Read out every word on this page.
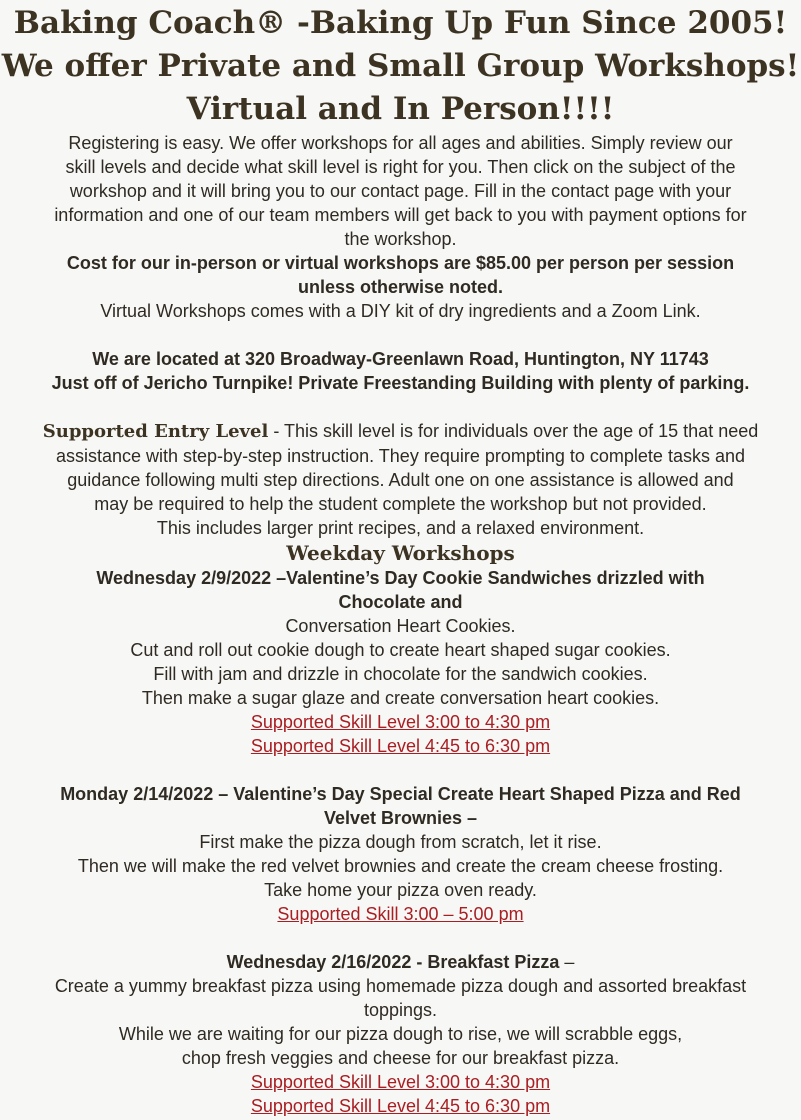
Baking Coach® -Baking Up Fun Since 2005!
We offer Private and Small Group Workshops!
Virtual and In Person!!!!

Registering is easy. We offer workshops for all ages and abilities. Simply review our

skill levels and decide what skill level is right for you. Then click on the subject of the

workshop and it will bring you to our contact page. Fill in the contact page with your

information and one of our team members will get back to you with payment options for

the workshop.

Cost for our in-person or virtual workshops are $85.00 per person per session

unless otherwise noted.

Virtual Workshops comes with a DIY kit of dry ingredients and a Zoom Link.

We are located at 320 Broadway-Greenlawn Road, Huntington, NY 11743

Just off of Jericho Turnpike! Private Freestanding Building with plenty of parking.

Supported Entry Level - This skill level is for individuals over the age of 15 that need

assistance with step-by-step instruction. They require prompting to complete tasks and

guidance following multi step directions. Adult one on one assistance is allowed and

may be required to help the student complete the workshop but not provided.

This includes larger print recipes, and a relaxed environment.

Weekday Workshops

Wednesday 2/9/2022 –Valentine’s Day Cookie Sandwiches drizzled with

Chocolate and

Conversation Heart Cookies.

Cut and roll out cookie dough to create heart shaped sugar cookies.

Fill with jam and drizzle in chocolate for the sandwich cookies.

Then make a sugar glaze and create conversation heart cookies.

Supported Skill Level 3:00 to 4:30 pm
Supported Skill Level 4:45 to 6:30 pm

Monday 2/14/2022 – Valentine’s Day Special Create Heart Shaped Pizza and Red

Velvet Brownies –

First make the pizza dough from scratch, let it rise.

Then we will make the red velvet brownies and create the cream cheese frosting.

Take home your pizza oven ready.

Supported Skill 3:00 – 5:00 pm

Wednesday 2/16/2022 - Breakfast Pizza –

Create a yummy breakfast pizza using homemade pizza dough and assorted breakfast

toppings.

While we are waiting for our pizza dough to rise, we will scrabble eggs,

chop fresh veggies and cheese for our breakfast pizza.

Supported Skill Level 3:00 to 4:30 pm
Supported Skill Level 4:45 to 6:30 pm
